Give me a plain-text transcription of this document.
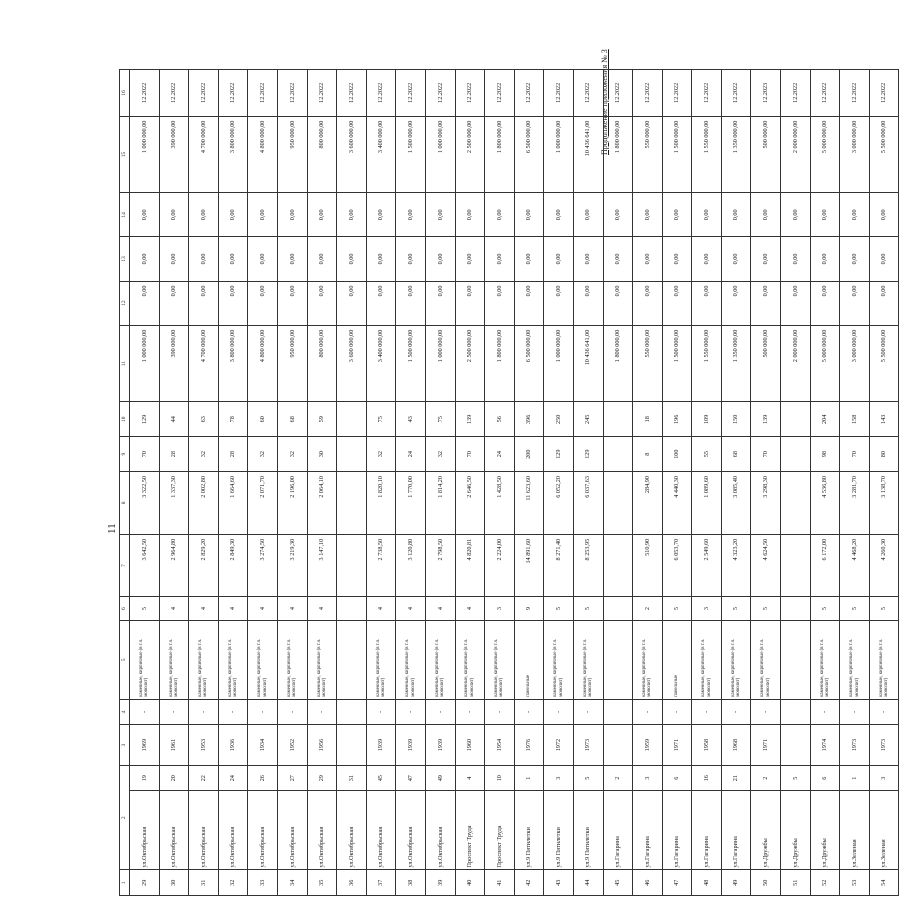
11
Продолжение приложения № 3
1	2		3	4	5	6	7	8	9	10	11	12	13	14	15	16
29	ул.Октябрьская	19	1969	-	каменные, кирпичные (в т.ч. монолит)	5	3 642,50	3 322,50	70	129	1 000 000,00	0,00	0,00	0,00	1 000 000,00	12.2022
30	ул.Октябрьская	20	1961	-	каменные, кирпичные (в т.ч. монолит)	4	2 964,80	1 337,30	28	44	390 000,00	0,00	0,00	0,00	390 000,00	12.2022
31	ул.Октябрьская	22	1953	-	каменные, кирпичные (в т.ч. монолит)	4	2 829,20	2 002,80	32	63	4 700 000,00	0,00	0,00	0,00	4 700 000,00	12.2022
32	ул.Октябрьская	24	1936	-	каменные, кирпичные (в т.ч. монолит)	4	2 849,30	1 664,60	28	78	3 800 000,00	0,00	0,00	0,00	3 800 000,00	12.2022
33	ул.Октябрьская	26	1934	-	каменные, кирпичные (в т.ч. монолит)	4	3 274,50	2 071,70	32	60	4 800 000,00	0,00	0,00	0,00	4 800 000,00	12.2022
34	ул.Октябрьская	27	1952	-	каменные, кирпичные (в т.ч. монолит)	4	3 219,30	2 196,00	32	68	950 000,00	0,00	0,00	0,00	950 000,00	12.2022
35	ул.Октябрьская	29	1956	-	каменные, кирпичные (в т.ч. монолит)	4	3 147,10	2 064,10	30	59	800 000,00	0,00	0,00	0,00	800 000,00	12.2022
36	ул.Октябрьская	31									3 600 000,00	0,00	0,00	0,00	3 600 000,00	12.2022
37	ул.Октябрьская	45	1939	-	каменные, кирпичные (в т.ч. монолит)	4	2 738,50	1 820,10	32	75	3 400 000,00	0,00	0,00	0,00	3 400 000,00	12.2022
38	ул.Октябрьская	47	1939	-	каменные, кирпичные (в т.ч. монолит)	4	3 120,80	1 770,00	24	43	1 500 000,00	0,00	0,00	0,00	1 500 000,00	12.2022
39	ул.Октябрьская	49	1939	-	каменные, кирпичные (в т.ч. монолит)	4	2 798,50	1 814,20	32	75	1 000 000,00	0,00	0,00	0,00	1 000 000,00	12.2022
40	Проспект Труда	4	1960	-	каменные, кирпичные (в т.ч. монолит)	4	4 820,81	2 646,50	70	139	2 500 000,00	0,00	0,00	0,00	2 500 000,00	12.2022
41	Проспект Труда	10	1954	-	каменные, кирпичные (в т.ч. монолит)	3	2 224,00	1 428,50	24	56	1 800 000,00	0,00	0,00	0,00	1 800 000,00	12.2022
42	ул.9 Пятилетки	1	1976	-	панельные	9	14 891,60	11 623,60	200	396	6 500 000,00	0,00	0,00	0,00	6 500 000,00	12.2022
43	ул.9 Пятилетки	3	1972	-	каменные, кирпичные (в т.ч. монолит)	5	8 271,40	6 052,20	129	250	1 000 000,00	0,00	0,00	0,00	1 000 000,00	12.2022
44	ул.9 Пятилетки	5	1973	-	каменные, кирпичные (в т.ч. монолит)	5	8 253,95	6 037,63	129	245	10 436 641,00	0,00	0,00	0,00	10 436 641,00	12.2022
45	ул.Гагарина	2									1 800 000,00	0,00	0,00	0,00	1 800 000,00	12.2022
46	ул.Гагарина	3	1959	-	каменные, кирпичные (в т.ч. монолит)	2	510,90	284,90	8	18	550 000,00	0,00	0,00	0,00	550 000,00	12.2022
47	ул.Гагарина	6	1971	-	панельные	5	6 053,70	4 440,30	100	196	1 500 000,00	0,00	0,00	0,00	1 500 000,00	12.2022
48	ул.Гагарина	16	1958	-	каменные, кирпичные (в т.ч. монолит)	3	2 549,60	1 089,60	55	109	1 550 000,00	0,00	0,00	0,00	1 550 000,00	12.2022
49	ул.Гагарина	21	1968	-	каменные, кирпичные (в т.ч. монолит)	5	4 323,20	3 085,40	68	150	1 350 000,00	0,00	0,00	0,00	1 350 000,00	12.2022
50	ул.Дружбы	2	1971	-	каменные, кирпичные (в т.ч. монолит)	5	4 624,50	3 298,30	70	139	500 000,00	0,00	0,00	0,00	500 000,00	12.2023
51	ул.Дружбы	5									2 000 000,00	0,00	0,00	0,00	2 000 000,00	12.2022
52	ул.Дружбы	6	1974	-	каменные, кирпичные (в т.ч. монолит)	5	6 172,00	4 536,80	98	204	5 000 000,00	0,00	0,00	0,00	5 000 000,00	12.2022
53	ул.Зеленая	1	1973	-	каменные, кирпичные (в т.ч. монолит)	5	4 468,20	3 281,70	70	158	3 000 000,00	0,00	0,00	0,00	3 000 000,00	12.2022
54	ул.Зеленая	3	1973	-	каменные, кирпичные (в т.ч. монолит)	5	4 260,30	3 138,70	80	143	5 500 000,00	0,00	0,00	0,00	5 500 000,00	12.2022
